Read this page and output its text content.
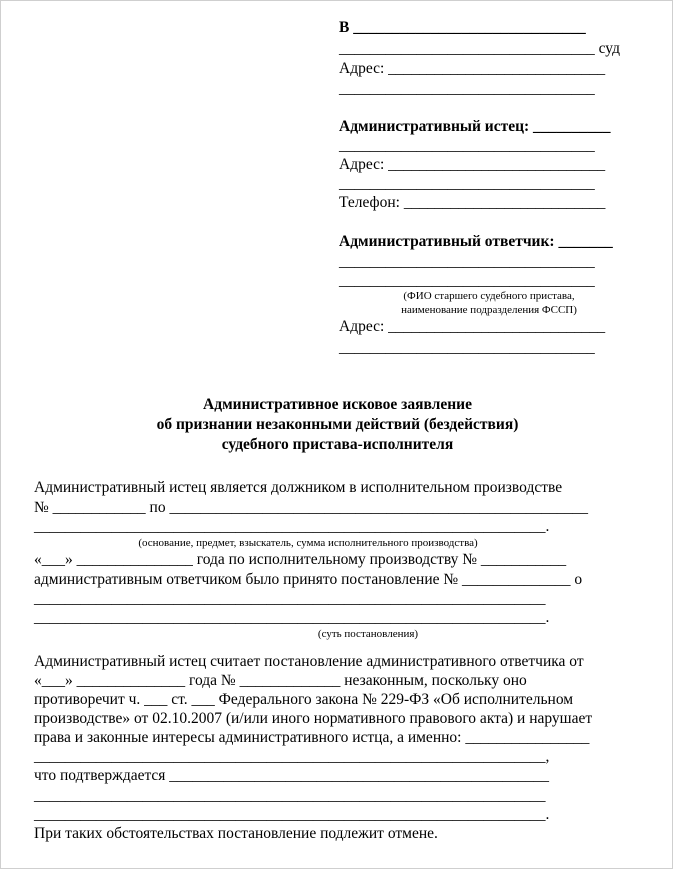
В ______________________________

_________________________________ суд

Адрес: ____________________________

_________________________________

Административный истец: __________

_________________________________

Адрес: ____________________________

_________________________________

Телефон: __________________________

Административный ответчик: _______

_________________________________

_________________________________

(ФИО старшего судебного пристава,
наименование подразделения ФССП)

Адрес: ____________________________

_________________________________

Административное исковое заявление
об признании незаконными действий (бездействия)
судебного пристава-исполнителя

Административный истец является должником в исполнительном производстве

№ ____________ по ______________________________________________________

__________________________________________________________________.

(основание, предмет, взыскатель, сумма исполнительного производства)

«___» _______________ года по исполнительному производству № ___________

административным ответчиком было принято постановление № ______________ о

__________________________________________________________________

__________________________________________________________________.

(суть постановления)

Административный истец считает постановление административного ответчика от

«___» ______________ года № _____________ незаконным, поскольку оно

противоречит ч. ___ ст. ___ Федерального закона № 229-ФЗ «Об исполнительном

производстве» от 02.10.2007 (и/или иного нормативного правового акта) и нарушает

права и законные интересы административного истца, а именно: ________________

__________________________________________________________________,

что подтверждается _________________________________________________

__________________________________________________________________

__________________________________________________________________.

При таких обстоятельствах постановление подлежит отмене.
